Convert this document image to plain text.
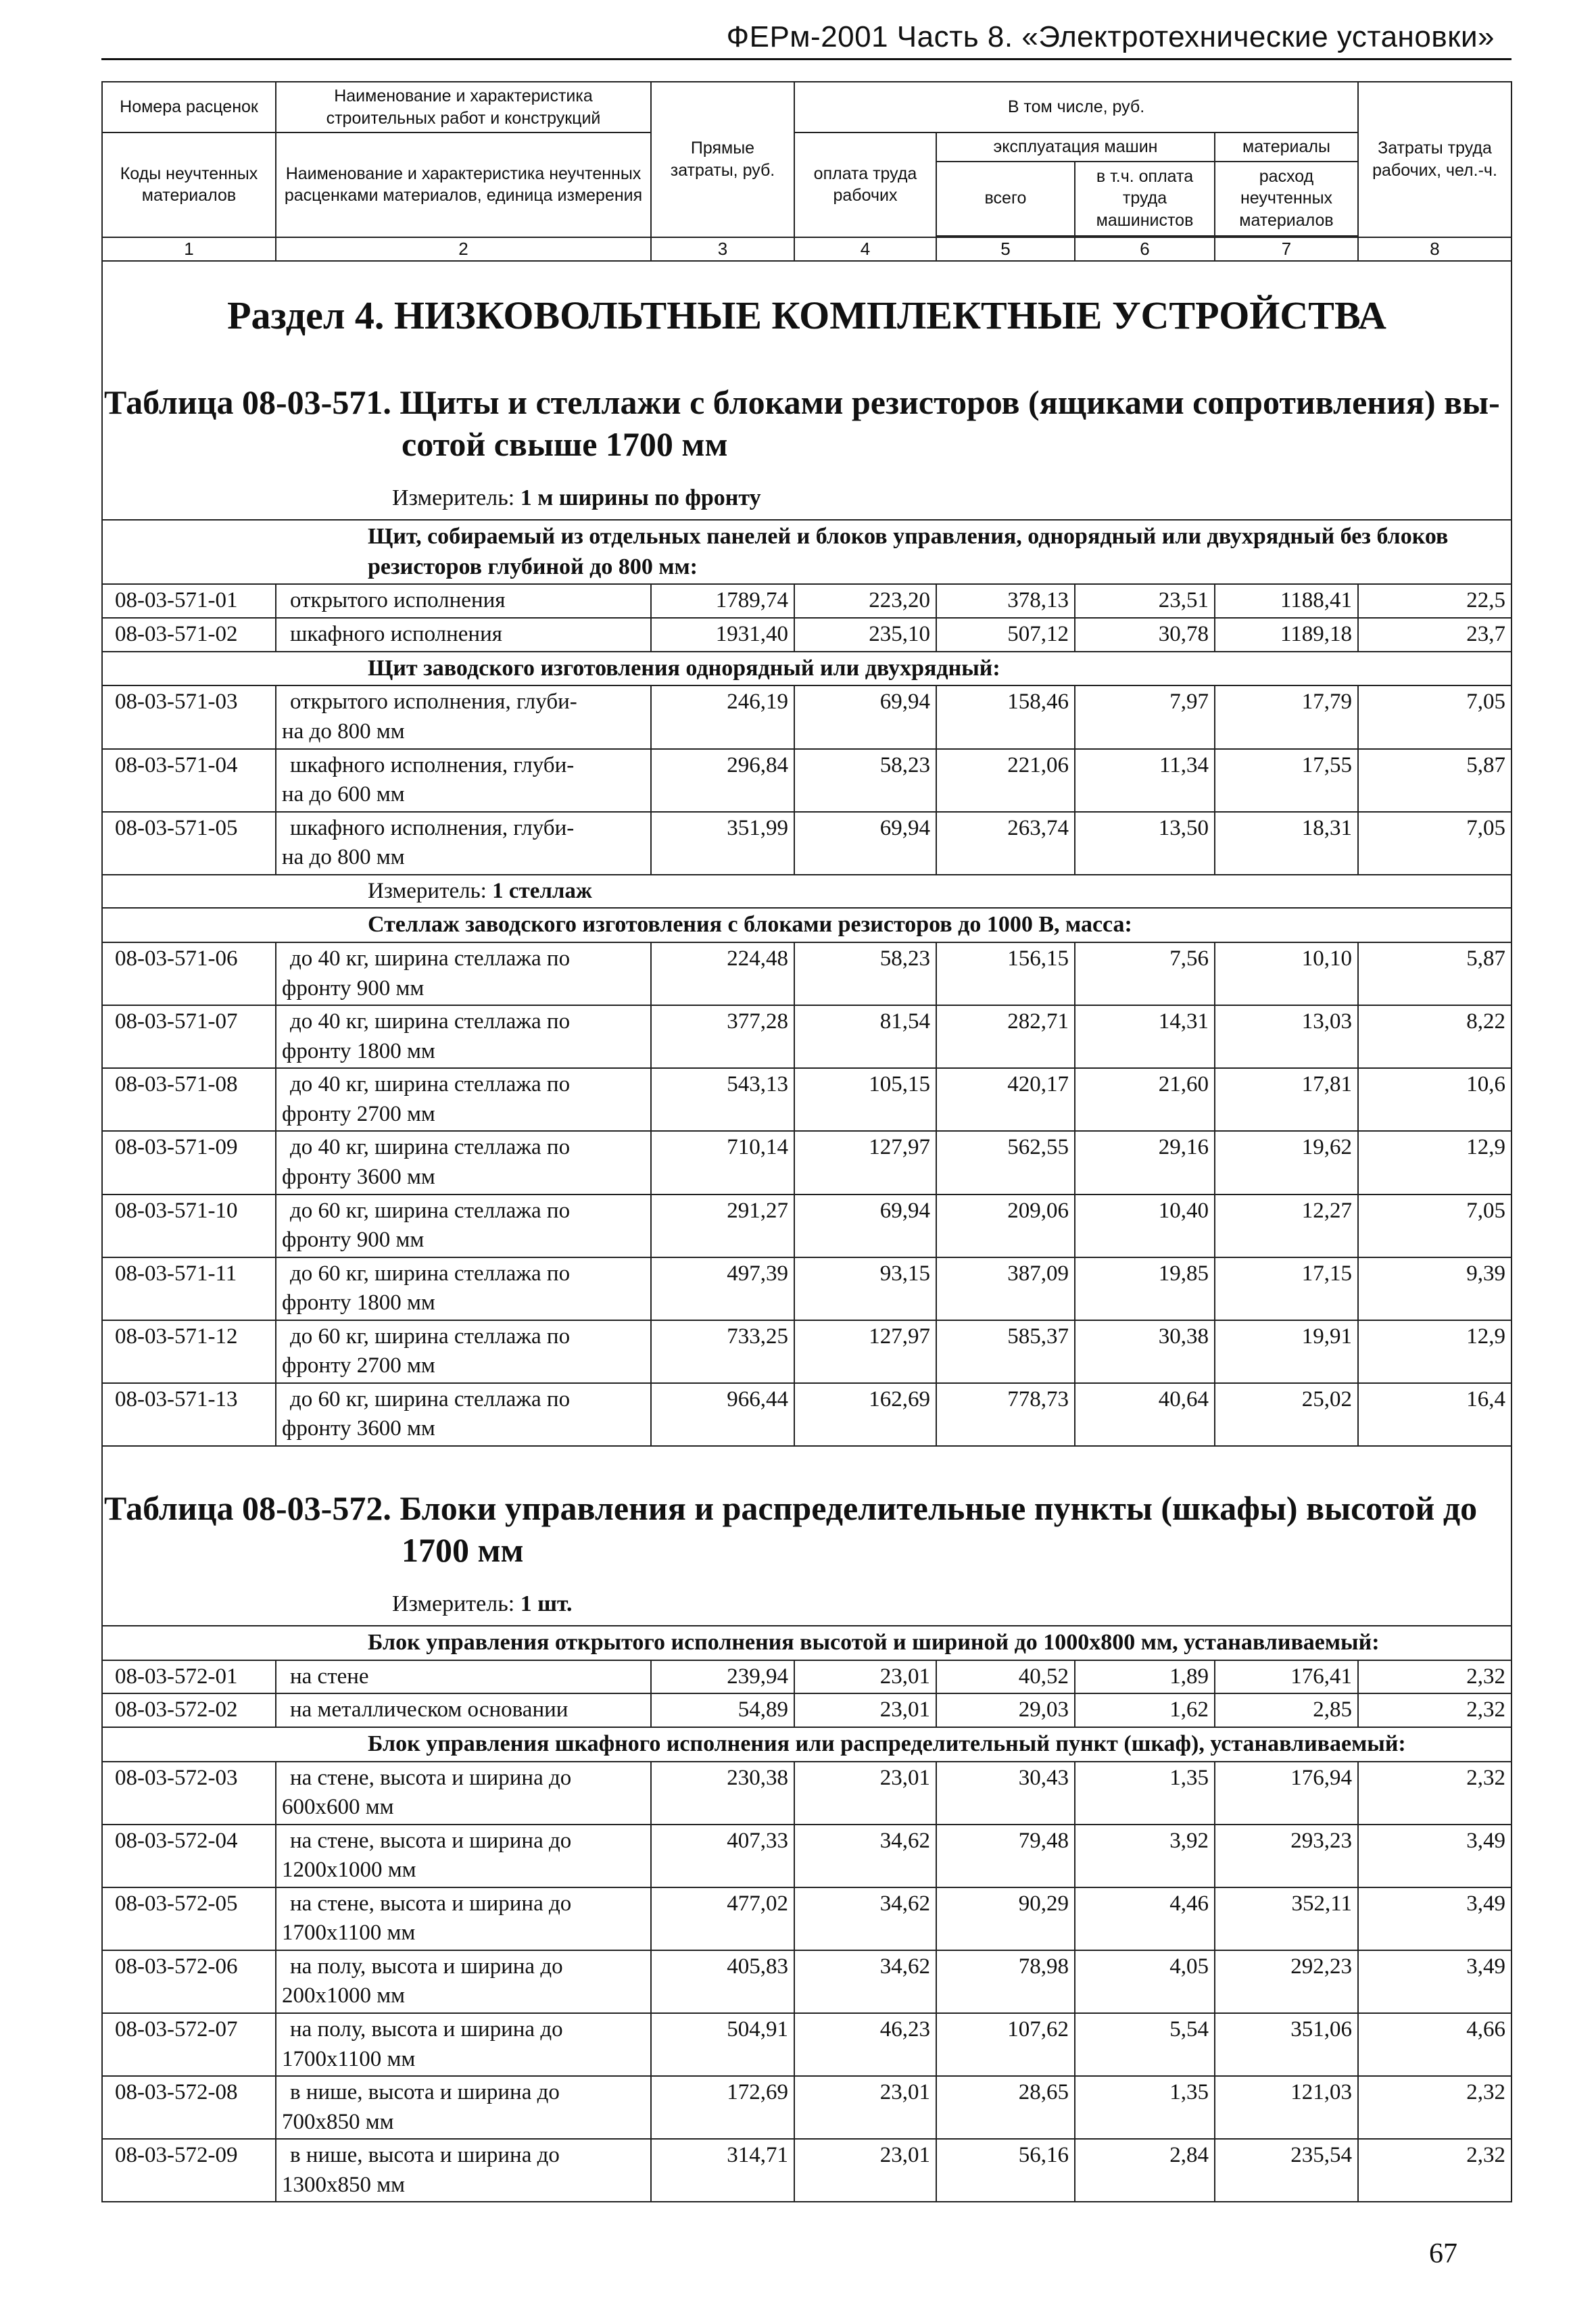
ФЕРм-2001 Часть 8. «Электротехнические установки»
Номера расценок	Наименование и характеристика строительных работ и конструкций	Прямые затраты, руб.	В том числе, руб.				Затраты труда рабочих, чел.-ч.
Коды неучтенных материалов	Наименование и характеристика неучтенных расценками материалов, единица измерения		оплата труда рабочих	эксплуатация машин		материалы	
				всего	в т.ч. оплата труда машинистов	расход неучтенных материалов	

1	2	3	4	5	6	7	8

Раздел 4. НИЗКОВОЛЬТНЫЕ КОМПЛЕКТНЫЕ УСТРОЙСТВА
Таблица 08-03-571. Щиты и стеллажи с блоками резисторов (ящиками сопротивления) вы-
сотой свыше 1700 мм
Измеритель: 1 м ширины по фронту							

Щит, собираемый из отдельных панелей и блоков управления, однорядный или двухрядный без блоков резисторов глубиной до 800 мм:							
08-03-571-01	открытого исполнения	1789,74	223,20	378,13	23,51	1188,41	22,5
08-03-571-02	шкафного исполнения	1931,40	235,10	507,12	30,78	1189,18	23,7
Щит заводского изготовления однорядный или двухрядный:							
08-03-571-03	открытого исполнения, глуби-
на до 800 мм	246,19	69,94	158,46	7,97	17,79	7,05
08-03-571-04	шкафного исполнения, глуби-
на до 600 мм	296,84	58,23	221,06	11,34	17,55	5,87
08-03-571-05	шкафного исполнения, глуби-
на до 800 мм	351,99	69,94	263,74	13,50	18,31	7,05
Измеритель: 1 стеллаж							
Стеллаж заводского изготовления с блоками резисторов до 1000 В, масса:							
08-03-571-06	до 40 кг, ширина стеллажа по
фронту 900 мм	224,48	58,23	156,15	7,56	10,10	5,87
08-03-571-07	до 40 кг, ширина стеллажа по
фронту 1800 мм	377,28	81,54	282,71	14,31	13,03	8,22
08-03-571-08	до 40 кг, ширина стеллажа по
фронту 2700 мм	543,13	105,15	420,17	21,60	17,81	10,6
08-03-571-09	до 40 кг, ширина стеллажа по
фронту 3600 мм	710,14	127,97	562,55	29,16	19,62	12,9
08-03-571-10	до 60 кг, ширина стеллажа по
фронту 900 мм	291,27	69,94	209,06	10,40	12,27	7,05
08-03-571-11	до 60 кг, ширина стеллажа по
фронту 1800 мм	497,39	93,15	387,09	19,85	17,15	9,39
08-03-571-12	до 60 кг, ширина стеллажа по
фронту 2700 мм	733,25	127,97	585,37	30,38	19,91	12,9
08-03-571-13	до 60 кг, ширина стеллажа по
фронту 3600 мм	966,44	162,69	778,73	40,64	25,02	16,4

Таблица 08-03-572. Блоки управления и распределительные пункты (шкафы) высотой до
1700 мм
Измеритель: 1 шт.							

Блок управления открытого исполнения высотой и шириной до 1000х800 мм, устанавливаемый:							
08-03-572-01	на стене	239,94	23,01	40,52	1,89	176,41	2,32
08-03-572-02	на металлическом основании	54,89	23,01	29,03	1,62	2,85	2,32
Блок управления шкафного исполнения или распределительный пункт (шкаф), устанавливаемый:							
08-03-572-03	на стене, высота и ширина до
600х600 мм	230,38	23,01	30,43	1,35	176,94	2,32
08-03-572-04	на стене, высота и ширина до
1200х1000 мм	407,33	34,62	79,48	3,92	293,23	3,49
08-03-572-05	на стене, высота и ширина до
1700х1100 мм	477,02	34,62	90,29	4,46	352,11	3,49
08-03-572-06	на полу, высота и ширина до
200х1000 мм	405,83	34,62	78,98	4,05	292,23	3,49
08-03-572-07	на полу, высота и ширина до
1700х1100 мм	504,91	46,23	107,62	5,54	351,06	4,66
08-03-572-08	в нише, высота и ширина до
700х850 мм	172,69	23,01	28,65	1,35	121,03	2,32
08-03-572-09	в нише, высота и ширина до
1300х850 мм	314,71	23,01	56,16	2,84	235,54	2,32
67
